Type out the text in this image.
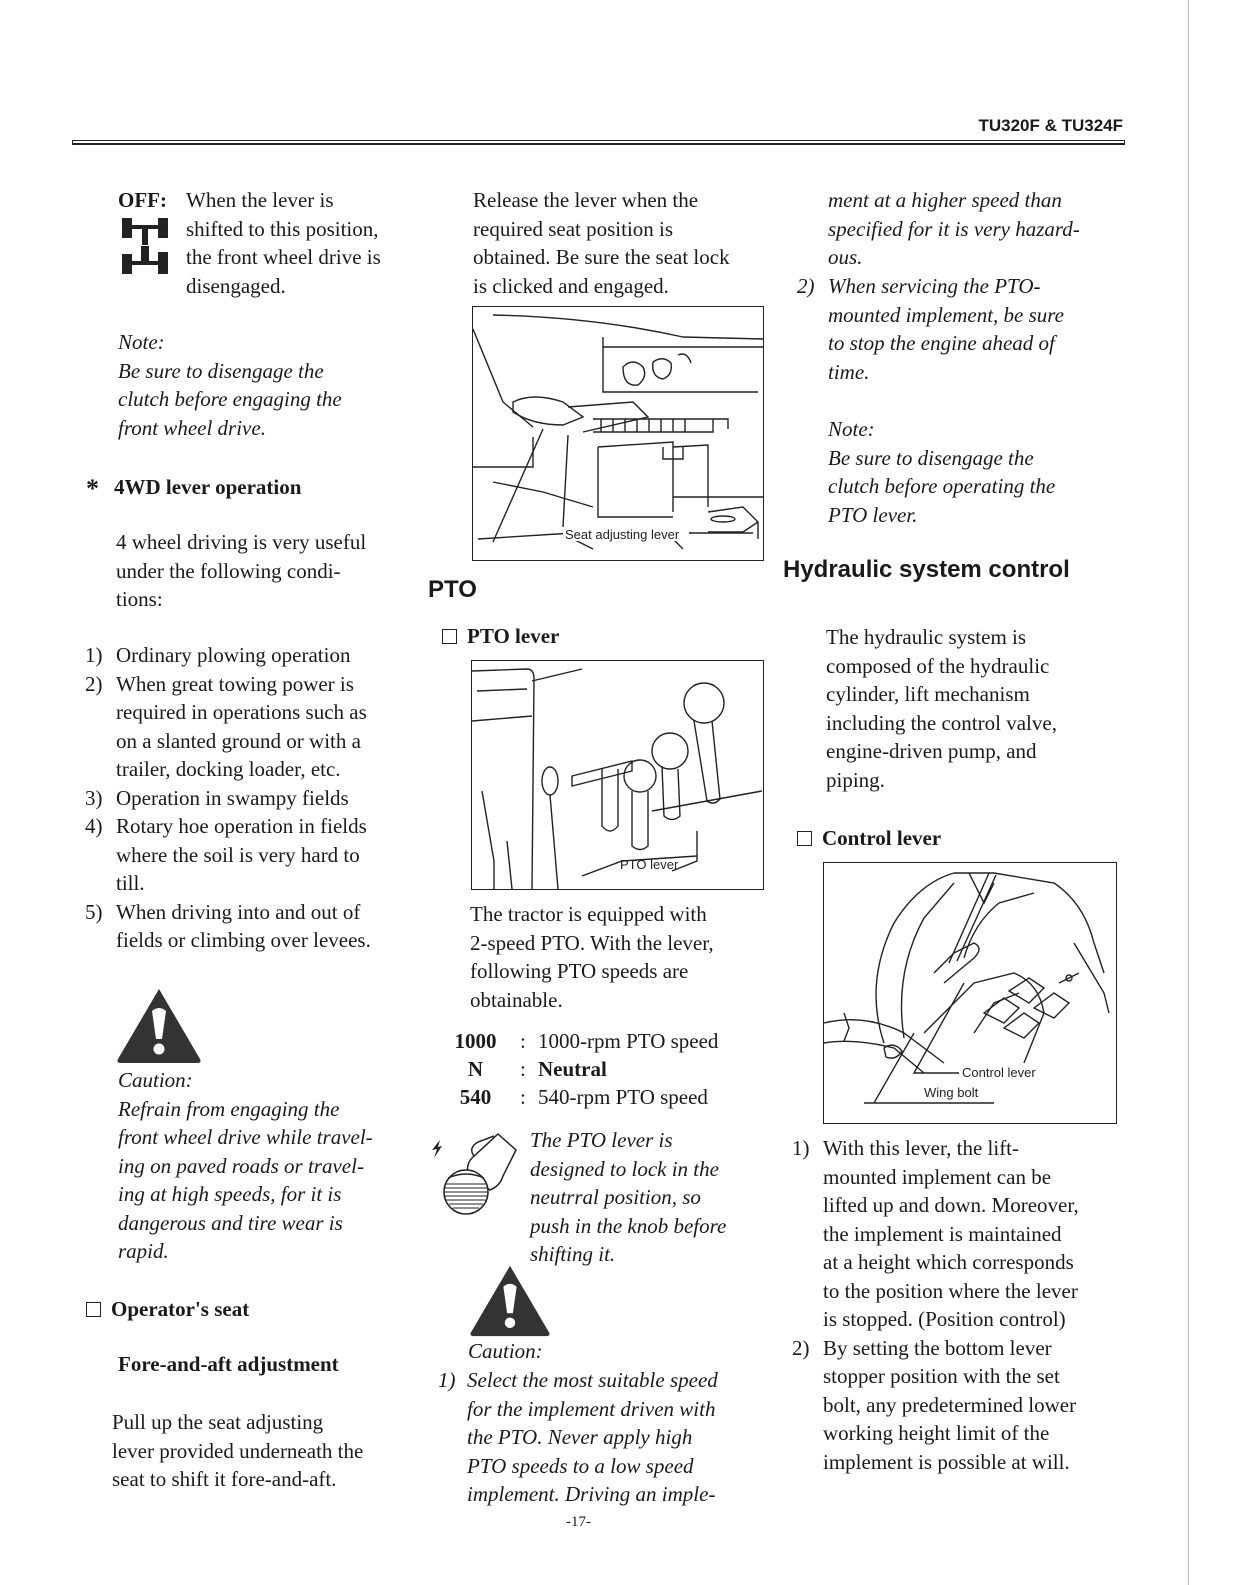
TU320F & TU324F
OFF: When the lever is
shifted to this position,
the front wheel drive is
disengaged.
Note:
Be sure to disengage the
clutch before engaging the
front wheel drive.
* 4WD lever operation
4 wheel driving is very useful
under the following condi-
tions:
1) Ordinary plowing operation
2) When great towing power is
required in operations such as
on a slanted ground or with a
trailer, docking loader, etc.
3) Operation in swampy fields
4) Rotary hoe operation in fields
where the soil is very hard to
till.
5) When driving into and out of
fields or climbing over levees.
Caution:
Refrain from engaging the
front wheel drive while travel-
ing on paved roads or travel-
ing at high speeds, for it is
dangerous and tire wear is
rapid.
Operator's seat
Fore-and-aft adjustment
Pull up the seat adjusting
lever provided underneath the
seat to shift it fore-and-aft.
Release the lever when the
required seat position is
obtained. Be sure the seat lock
is clicked and engaged.
Seat adjusting lever
PTO
PTO lever
PTO lever
The tractor is equipped with
2-speed PTO. With the lever,
following PTO speeds are
obtainable.
1000	: 1000-rpm PTO speed
N	: Neutral
540	: 540-rpm PTO speed
The PTO lever is
designed to lock in the
neutrral position, so
push in the knob before
shifting it.
Caution:
1) Select the most suitable speed
for the implement driven with
the PTO. Never apply high
PTO speeds to a low speed
implement. Driving an imple-
-17-
ment at a higher speed than
specified for it is very hazard-
ous.
2) When servicing the PTO-
mounted implement, be sure
to stop the engine ahead of
time.
Note:
Be sure to disengage the
clutch before operating the
PTO lever.
Hydraulic system control
The hydraulic system is
composed of the hydraulic
cylinder, lift mechanism
including the control valve,
engine-driven pump, and
piping.
Control lever
Control lever
Wing bolt
1) With this lever, the lift-
mounted implement can be
lifted up and down. Moreover,
the implement is maintained
at a height which corresponds
to the position where the lever
is stopped. (Position control)
2) By setting the bottom lever
stopper position with the set
bolt, any predetermined lower
working height limit of the
implement is possible at will.
